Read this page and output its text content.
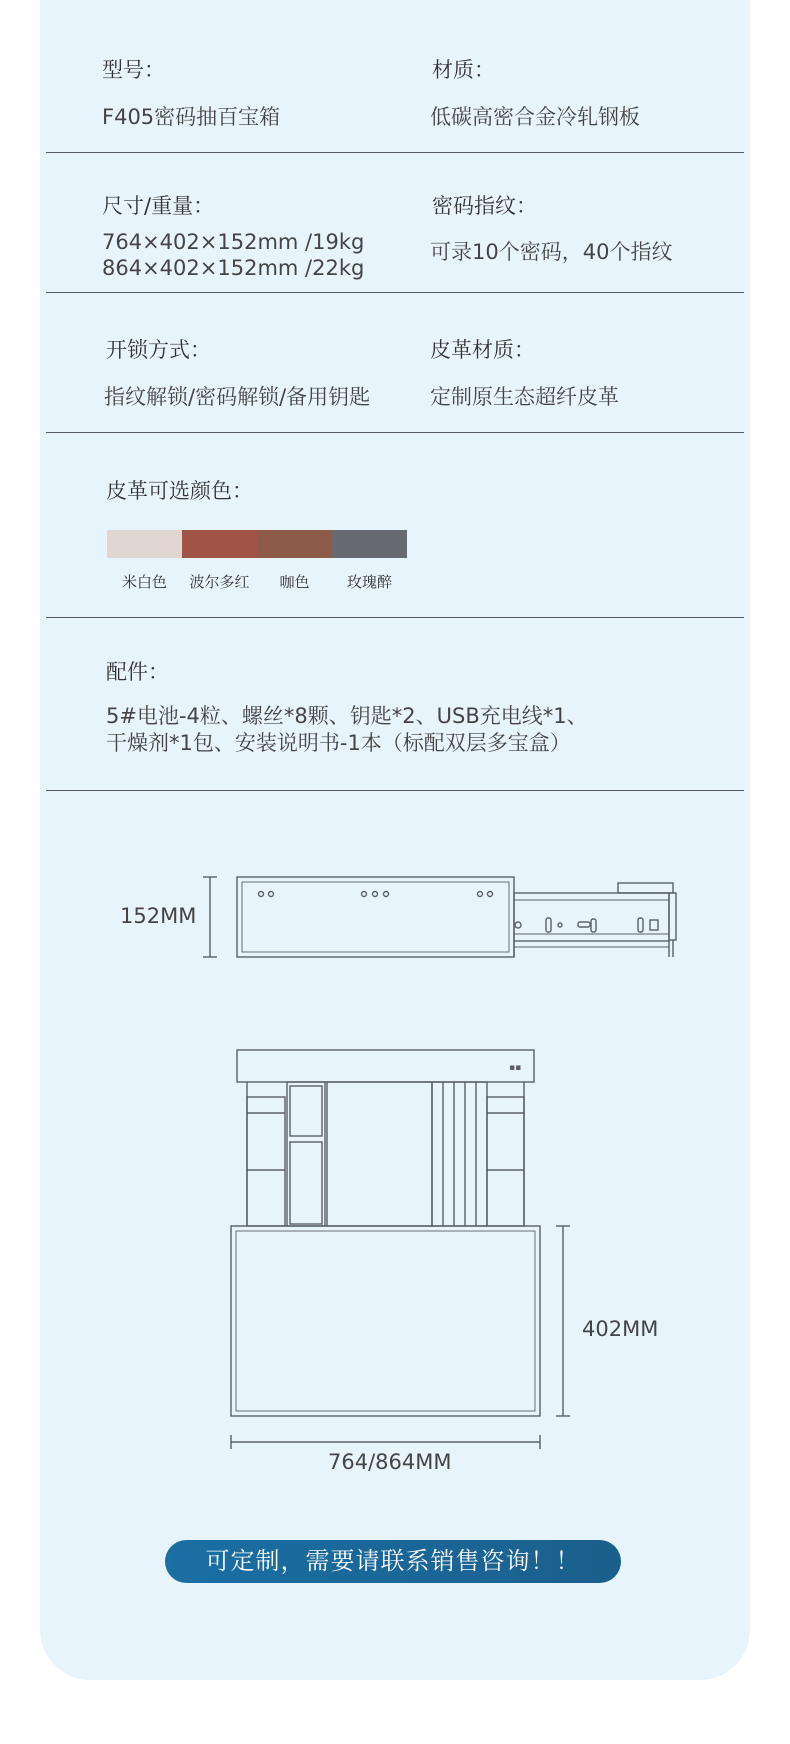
型号：
F405密码抽百宝箱
材质：
低碳高密合金冷轧钢板
尺寸/重量：
764×402×152mm /19kg
864×402×152mm /22kg
密码指纹：
可录10个密码，40个指纹
开锁方式：
指纹解锁/密码解锁/备用钥匙
皮革材质：
定制原生态超纤皮革
皮革可选颜色：
米白色	波尔多红	咖色	玫瑰醉
配件：
5#电池-4粒、螺丝*8颗、钥匙*2、USB充电线*1、
干燥剂*1包、安装说明书-1本（标配双层多宝盒）
▪▪
152MM
402MM
764/864MM
可定制，需要请联系销售咨询！！
